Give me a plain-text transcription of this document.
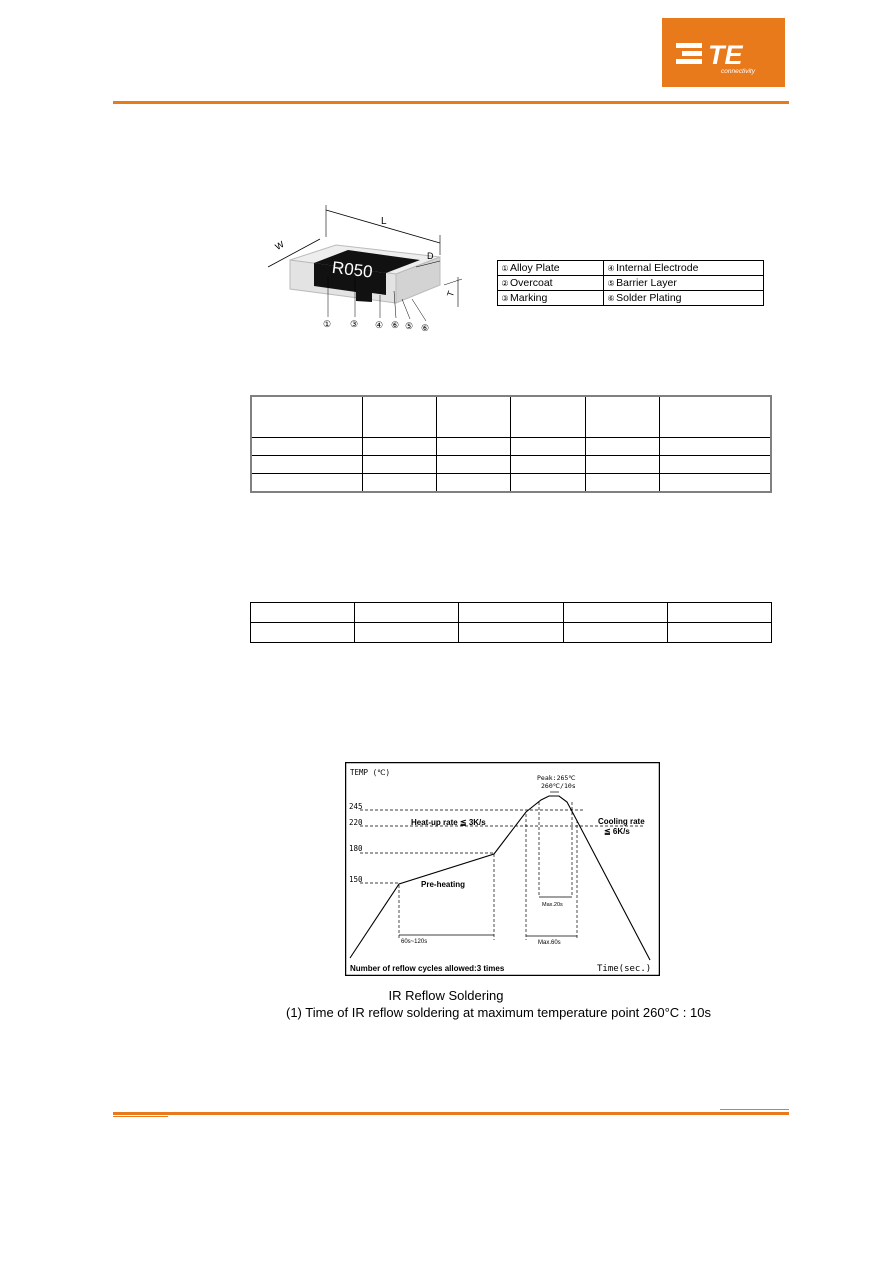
TE
connectivity
R050
L
W
D
T
① ③ ④ ⑥ ⑤ ⑥
①Alloy Plate	④Internal Electrode
②Overcoat	⑤Barrier Layer
③Marking	⑥Solder Plating

TEMP (℃)
Time(sec.)
Peak:265℃
260℃/10s
245
220
180
150
Heat-up rate ≦ 3K/s	Cooling rate
≦ 6K/s
Pre-heating
60s~120s	Max.60s
Max.20s
Number of reflow cycles allowed:3 times
IR Reflow Soldering
(1) Time of IR reflow soldering at maximum temperature point 260°C : 10s
